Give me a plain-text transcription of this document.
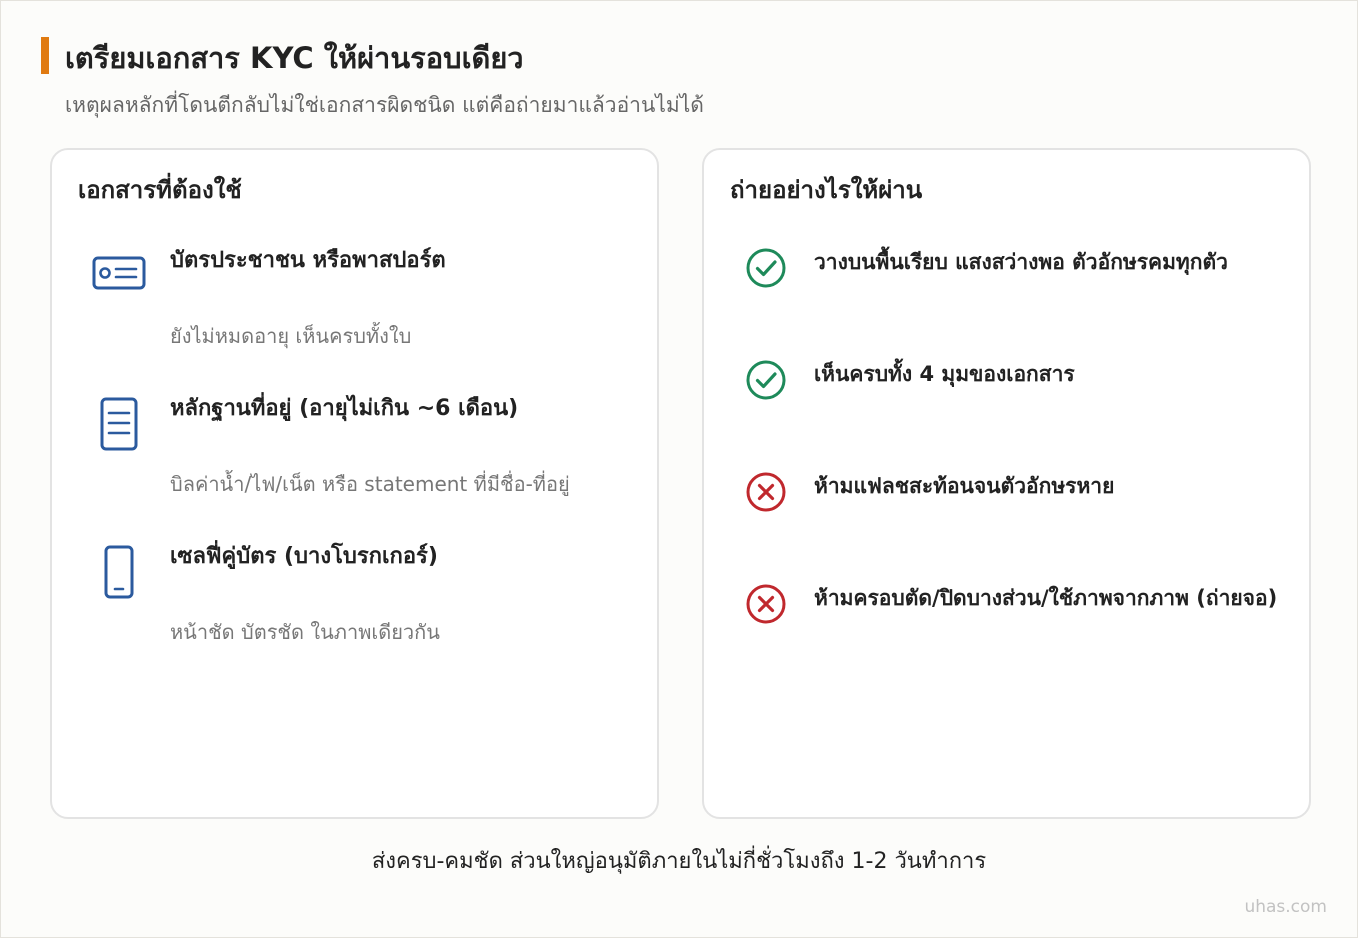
เตรียมเอกสาร KYC ให้ผ่านรอบเดียว
เหตุผลหลักที่โดนตีกลับไม่ใช่เอกสารผิดชนิด แต่คือถ่ายมาแล้วอ่านไม่ได้
เอกสารที่ต้องใช้
บัตรประชาชน หรือพาสปอร์ต
ยังไม่หมดอายุ เห็นครบทั้งใบ
หลักฐานที่อยู่ (อายุไม่เกิน ~6 เดือน)
บิลค่าน้ำ/ไฟ/เน็ต หรือ statement ที่มีชื่อ-ที่อยู่
เซลฟี่คู่บัตร (บางโบรกเกอร์)
หน้าชัด บัตรชัด ในภาพเดียวกัน
ถ่ายอย่างไรให้ผ่าน
วางบนพื้นเรียบ แสงสว่างพอ ตัวอักษรคมทุกตัว
เห็นครบทั้ง 4 มุมของเอกสาร
ห้ามแฟลชสะท้อนจนตัวอักษรหาย
ห้ามครอบตัด/ปิดบางส่วน/ใช้ภาพจากภาพ (ถ่ายจอ)
ส่งครบ-คมชัด ส่วนใหญ่อนุมัติภายในไม่กี่ชั่วโมงถึง 1-2 วันทำการ
uhas.com
